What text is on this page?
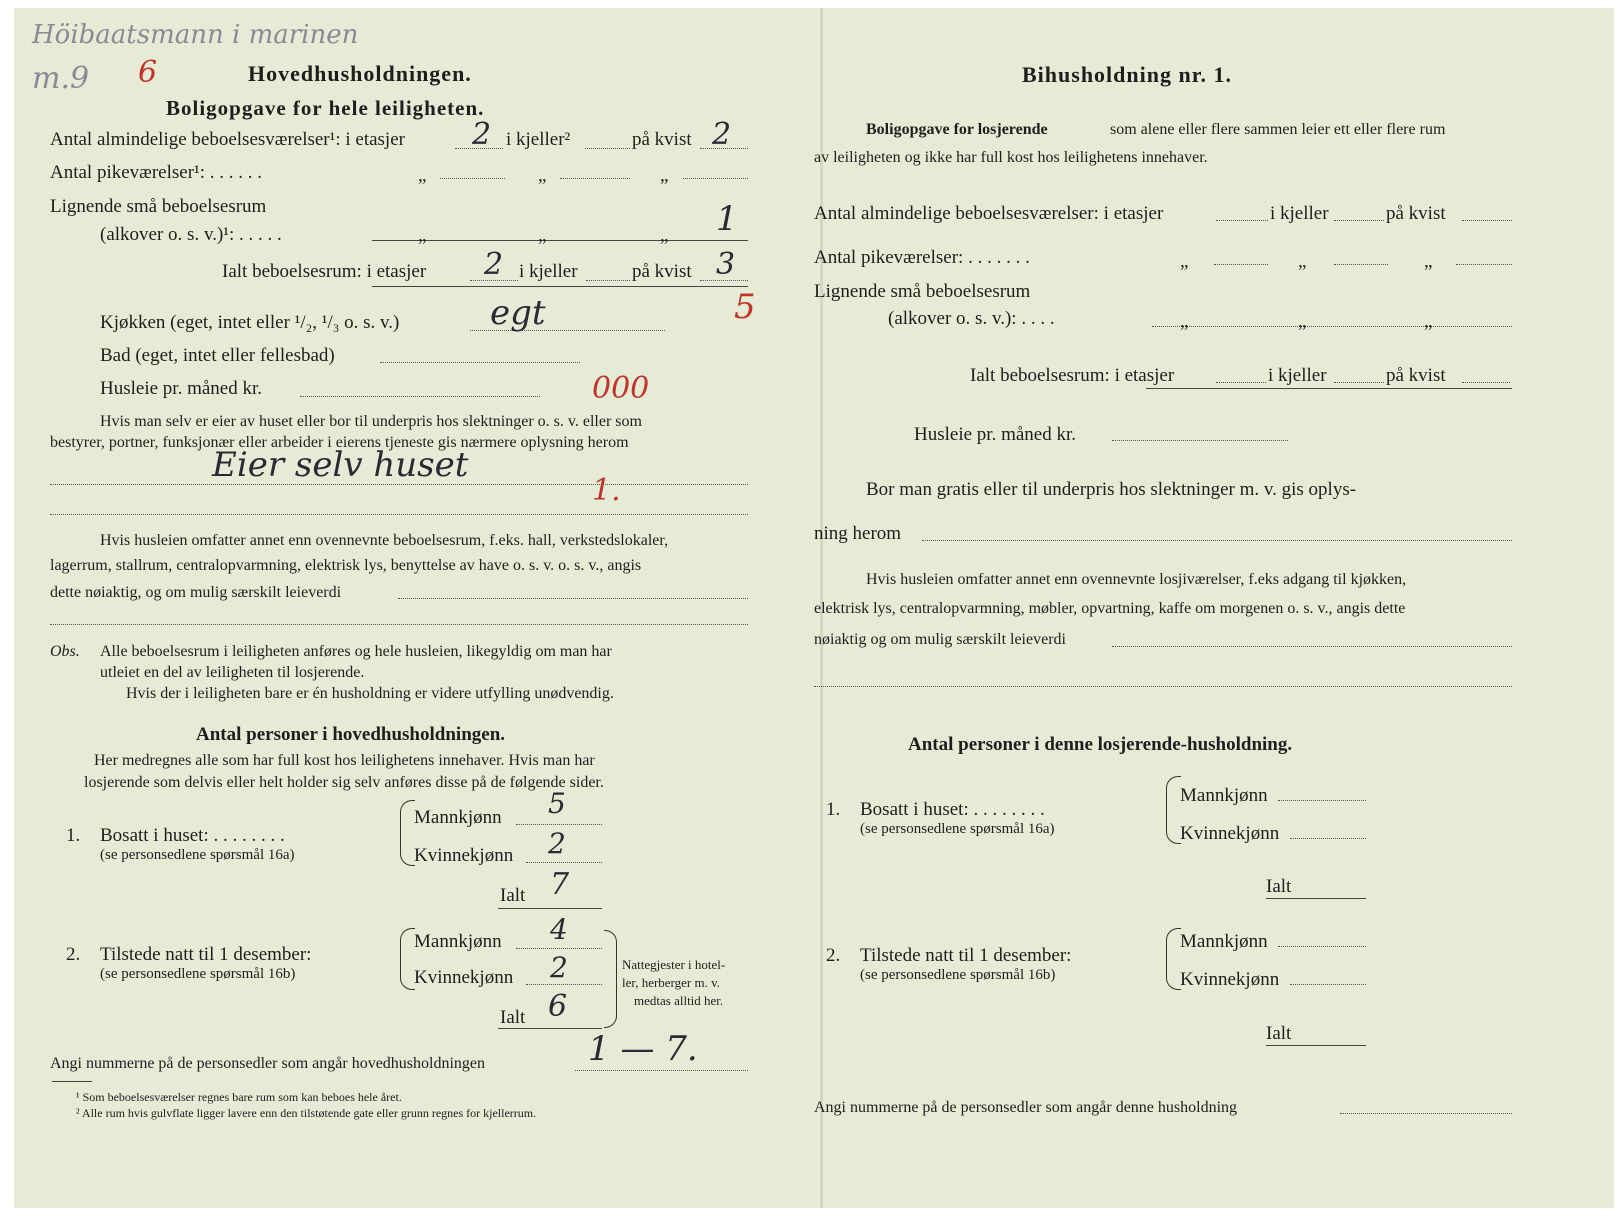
Höibaatsmann i marinen
m.9 6	Hovedhusholdningen.
Boligopgave for hele leiligheten.
Antal almindelige beboelsesværelser¹: i etasjer 2 i kjeller²	på kvist 2
Antal pikeværelser¹: . . . . . .	„	„	„
Lignende små beboelsesrum
(alkover o. s. v.)¹: . . . . .	„	„	„ 1
Ialt beboelsesrum: i etasjer 2 i kjeller	på kvist 3
5
Kjøkken (eget, intet eller ¹/₂, ¹/₃ o. s. v.)	egt
Bad (eget, intet eller fellesbad)
Husleie pr. måned kr.	000
Hvis man selv er eier av huset eller bor til underpris hos slektninger o. s. v. eller som
bestyrer, portner, funksjonær eller arbeider i eierens tjeneste gis nærmere oplysning herom
Eier selv huset
1.
Hvis husleien omfatter annet enn ovennevnte beboelsesrum, f.eks. hall, verkstedslokaler,
lagerrum, stallrum, centralopvarmning, elektrisk lys, benyttelse av have o. s. v. o. s. v., angis
dette nøiaktig, og om mulig særskilt leieverdi
Obs. Alle beboelsesrum i leiligheten anføres og hele husleien, likegyldig om man har
utleiet en del av leiligheten til losjerende.
Hvis der i leiligheten bare er én husholdning er videre utfylling unødvendig.
Antal personer i hovedhusholdningen.
Her medregnes alle som har full kost hos leilighetens innehaver. Hvis man har
losjerende som delvis eller helt holder sig selv anføres disse på de følgende sider.
1. Bosatt i huset: . . . . . . . .
(se personsedlene spørsmål 16a)
Mannkjønn 5
Kvinnekjønn 2
Ialt 7
2. Tilstede natt til 1 desember:
(se personsedlene spørsmål 16b)
Mannkjønn 4
Kvinnekjønn 2
Ialt 6
Nattegjester i hotel-
ler, herberger m. v.
medtas alltid her.
Angi nummerne på de personsedler som angår hovedhusholdningen	1 — 7.
¹ Som beboelsesværelser regnes bare rum som kan beboes hele året.
² Alle rum hvis gulvflate ligger lavere enn den tilstøtende gate eller grunn regnes for kjellerrum.
Bihusholdning nr. 1.
Boligopgave for losjerende	som alene eller flere sammen leier ett eller flere rum
av leiligheten og ikke har full kost hos leilighetens innehaver.
Antal almindelige beboelsesværelser: i etasjer	i kjeller	på kvist
Antal pikeværelser: . . . . . . .	„	„	„
Lignende små beboelsesrum
(alkover o. s. v.): . . . .	„	„	„
Ialt beboelsesrum: i etasjer	i kjeller	på kvist
Husleie pr. måned kr.
Bor man gratis eller til underpris hos slektninger m. v. gis oplys-
ning herom
Hvis husleien omfatter annet enn ovennevnte losjiværelser, f.eks adgang til kjøkken,
elektrisk lys, centralopvarmning, møbler, opvartning, kaffe om morgenen o. s. v., angis dette
nøiaktig og om mulig særskilt leieverdi
Antal personer i denne losjerende-husholdning.
1. Bosatt i huset: . . . . . . . .
(se personsedlene spørsmål 16a)
Mannkjønn
Kvinnekjønn
Ialt
2. Tilstede natt til 1 desember:
(se personsedlene spørsmål 16b)
Mannkjønn
Kvinnekjønn
Ialt
Angi nummerne på de personsedler som angår denne husholdning
